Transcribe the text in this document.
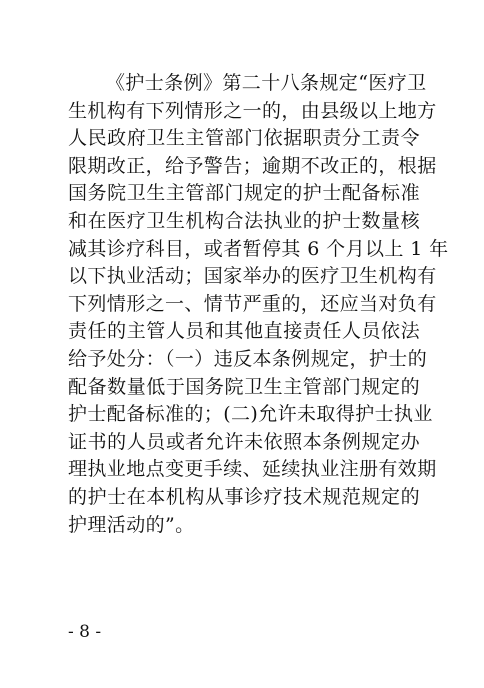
《护士条例》第二十八条规定“医疗卫
生机构有下列情形之一的，由县级以上地方
人民政府卫生主管部门依据职责分工责令
限期改正，给予警告；逾期不改正的，根据
国务院卫生主管部门规定的护士配备标准
和在医疗卫生机构合法执业的护士数量核
减其诊疗科目，或者暂停其 6 个月以上 1 年
以下执业活动；国家举办的医疗卫生机构有
下列情形之一、情节严重的，还应当对负有
责任的主管人员和其他直接责任人员依法
给予处分：（一）违反本条例规定，护士的
配备数量低于国务院卫生主管部门规定的
护士配备标准的；(二)允许未取得护士执业
证书的人员或者允许未依照本条例规定办
理执业地点变更手续、延续执业注册有效期
的护士在本机构从事诊疗技术规范规定的
护理活动的”。
- 8 -
